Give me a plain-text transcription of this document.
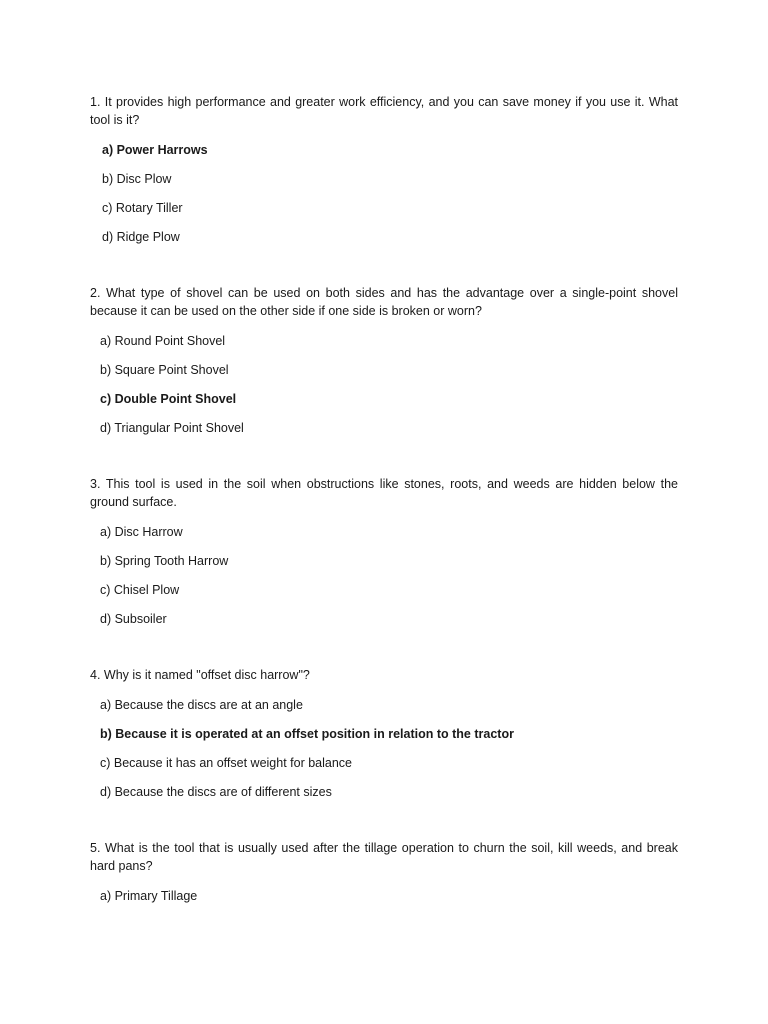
1. It provides high performance and greater work efficiency, and you can save money if you use it. What tool is it?

a) Power Harrows

b) Disc Plow

c) Rotary Tiller

d) Ridge Plow

2. What type of shovel can be used on both sides and has the advantage over a single-point shovel because it can be used on the other side if one side is broken or worn?

a) Round Point Shovel

b) Square Point Shovel

c) Double Point Shovel

d) Triangular Point Shovel

3. This tool is used in the soil when obstructions like stones, roots, and weeds are hidden below the ground surface.

a) Disc Harrow

b) Spring Tooth Harrow

c) Chisel Plow

d) Subsoiler

4. Why is it named "offset disc harrow"?

a) Because the discs are at an angle

b) Because it is operated at an offset position in relation to the tractor

c) Because it has an offset weight for balance

d) Because the discs are of different sizes

5. What is the tool that is usually used after the tillage operation to churn the soil, kill weeds, and break hard pans?

a) Primary Tillage
